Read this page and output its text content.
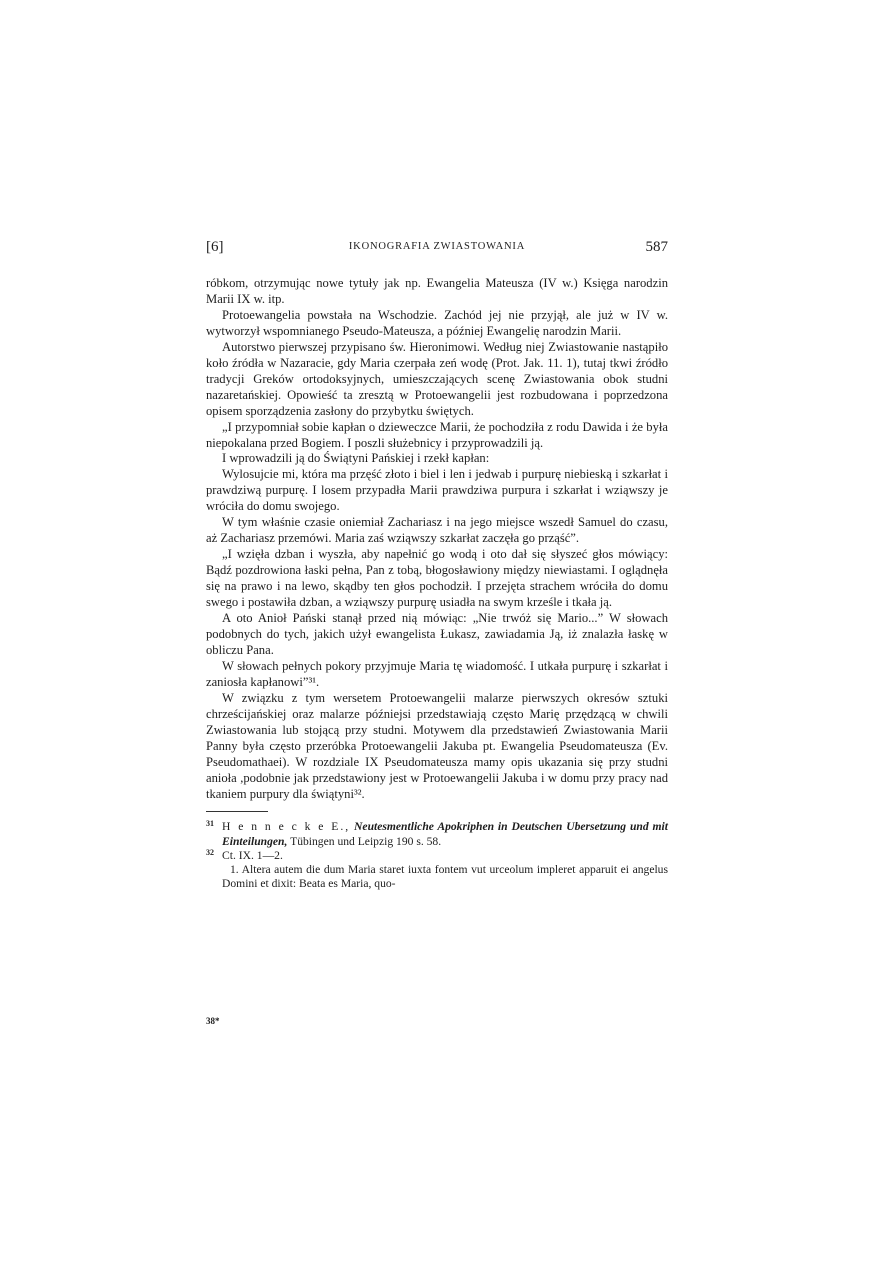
[6]	IKONOGRAFIA ZWIASTOWANIA	587

róbkom, otrzymując nowe tytuły jak np. Ewangelia Mateusza (IV w.) Księga narodzin Marii IX w. itp.

Protoewangelia powstała na Wschodzie. Zachód jej nie przyjął, ale już w IV w. wytworzył wspomnianego Pseudo-Mateusza, a później Ewangelię narodzin Marii.

Autorstwo pierwszej przypisano św. Hieronimowi. Według niej Zwiastowanie nastąpiło koło źródła w Nazaracie, gdy Maria czerpała zeń wodę (Prot. Jak. 11. 1), tutaj tkwi źródło tradycji Greków ortodoksyjnych, umieszczających scenę Zwiastowania obok studni nazaretańskiej. Opowieść ta zresztą w Protoewangelii jest rozbudowana i poprzedzona opisem sporządzenia zasłony do przybytku świętych.

„I przypomniał sobie kapłan o dzieweczce Marii, że pochodziła z rodu Dawida i że była niepokalana przed Bogiem. I poszli służebnicy i przyprowadzili ją.

I wprowadzili ją do Świątyni Pańskiej i rzekł kapłan:

Wylosujcie mi, która ma przęść złoto i biel i len i jedwab i purpurę niebieską i szkarłat i prawdziwą purpurę. I losem przypadła Marii prawdziwa purpura i szkarłat i wziąwszy je wróciła do domu swojego.

W tym właśnie czasie oniemiał Zachariasz i na jego miejsce wszedł Samuel do czasu, aż Zachariasz przemówi. Maria zaś wziąwszy szkarłat zaczęła go prząść”.

„I wzięła dzban i wyszła, aby napełnić go wodą i oto dał się słyszeć głos mówiący: Bądź pozdrowiona łaski pełna, Pan z tobą, błogosławiony między niewiastami. I oglądnęła się na prawo i na lewo, skądby ten głos pochodził. I przejęta strachem wróciła do domu swego i postawiła dzban, a wziąwszy purpurę usiadła na swym krześle i tkała ją.

A oto Anioł Pański stanął przed nią mówiąc: „Nie trwóż się Mario...” W słowach podobnych do tych, jakich użył ewangelista Łukasz, zawiadamia Ją, iż znalazła łaskę w obliczu Pana.

W słowach pełnych pokory przyjmuje Maria tę wiadomość. I utkała purpurę i szkarłat i zaniosła kapłanowi”³¹.

W związku z tym wersetem Protoewangelii malarze pierwszych okresów sztuki chrześcijańskiej oraz malarze późniejsi przedstawiają często Marię przędzącą w chwili Zwiastowania lub stojącą przy studni. Motywem dla przedstawień Zwiastowania Marii Panny była często przeróbka Protoewangelii Jakuba pt. Ewangelia Pseudomateusza (Ev. Pseudomathaei). W rozdziale IX Pseudomateusza mamy opis ukazania się przy studni anioła ,podobnie jak przedstawiony jest w Protoewangelii Jakuba i w domu przy pracy nad tkaniem purpury dla świątyni³².

31 H e n n e c k e E., Neutesmentliche Apokriphen in Deutschen Ubersetzung und mit Einteilungen, Tübingen und Leipzig 190 s. 58.
32 Ct. IX. 1—2.
1. Altera autem die dum Maria staret iuxta fontem vut urceolum impleret apparuit ei angelus Domini et dixit: Beata es Maria, quo-
38*
